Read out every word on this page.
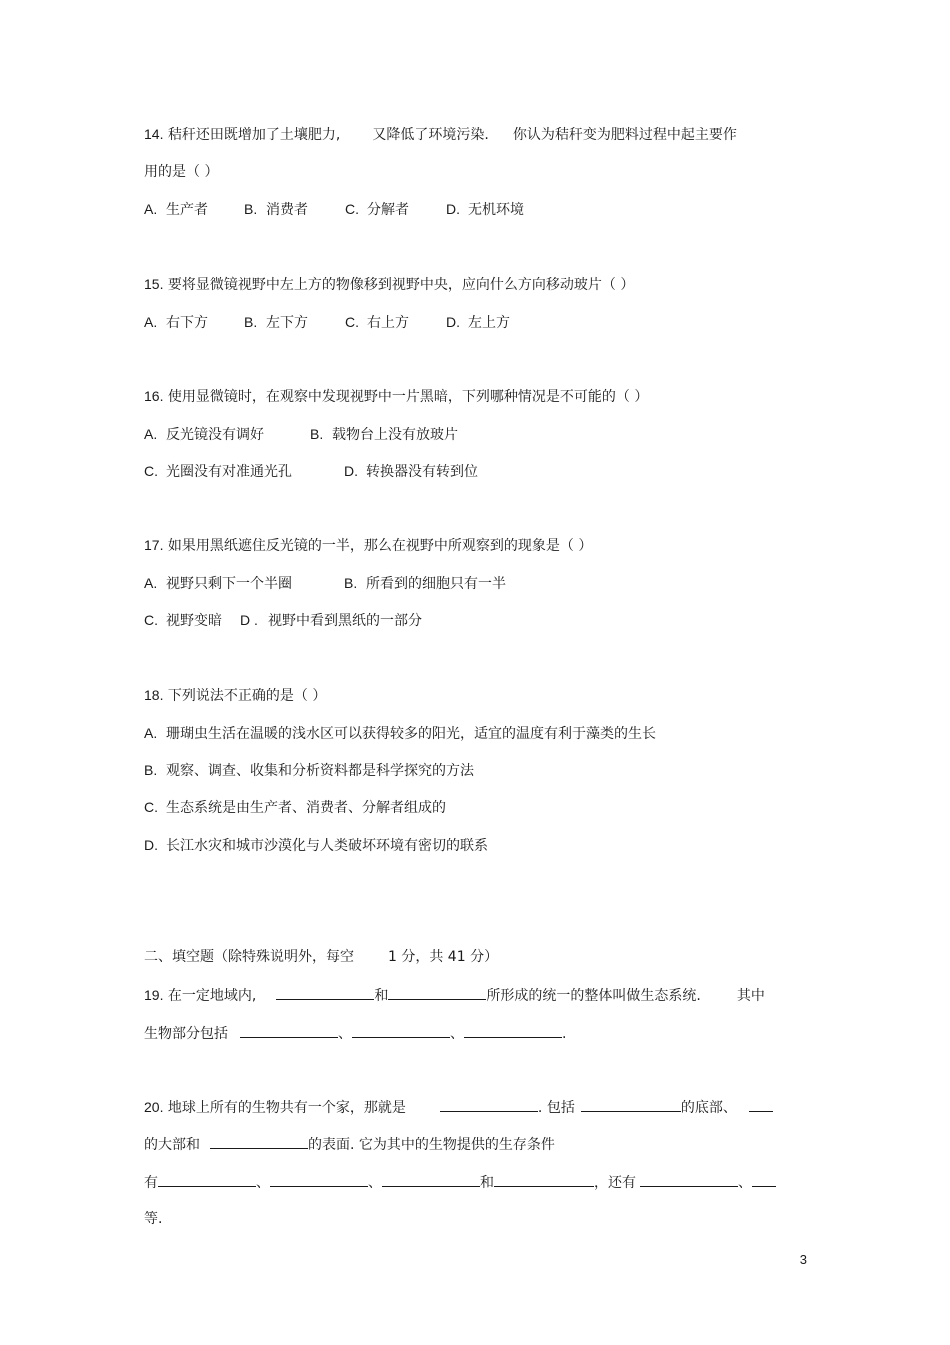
14. 秸秆还田既增加了土壤肥力, 又降低了环境污染. 你认为秸秆变为肥料过程中起主要作
用的是（ ）
A. 生产者	B. 消费者	C. 分解者	D. 无机环境
15. 要将显微镜视野中左上方的物像移到视野中央，应向什么方向移动玻片（ ）
A. 右下方	B. 左下方	C. 右上方	D. 左上方
16. 使用显微镜时，在观察中发现视野中一片黑暗，下列哪种情况是不可能的（ ）
A. 反光镜没有调好	B. 载物台上没有放玻片
C. 光圈没有对准通光孔	D. 转换器没有转到位
17. 如果用黑纸遮住反光镜的一半，那么在视野中所观察到的现象是（ ）
A. 视野只剩下一个半圈	B. 所看到的细胞只有一半
C. 视野变暗 D . 视野中看到黑纸的一部分
18. 下列说法不正确的是（ ）
A. 珊瑚虫生活在温暖的浅水区可以获得较多的阳光，适宜的温度有利于藻类的生长
B. 观察、调查、收集和分析资料都是科学探究的方法
C. 生态系统是由生产者、消费者、分解者组成的
D. 长江水灾和城市沙漠化与人类破坏环境有密切的联系
二、填空题（除特殊说明外，每空 1 分，共 41 分）
19. 在一定地域内,	和	所形成的统一的整体叫做生态系统.	其中
生物部分包括	、	、	.
20. 地球上所有的生物共有一个家，那就是	. 包括	的底部、
的大部和	的表面. 它为其中的生物提供的生存条件
有	、	、	和	，还有	、
等.
3
